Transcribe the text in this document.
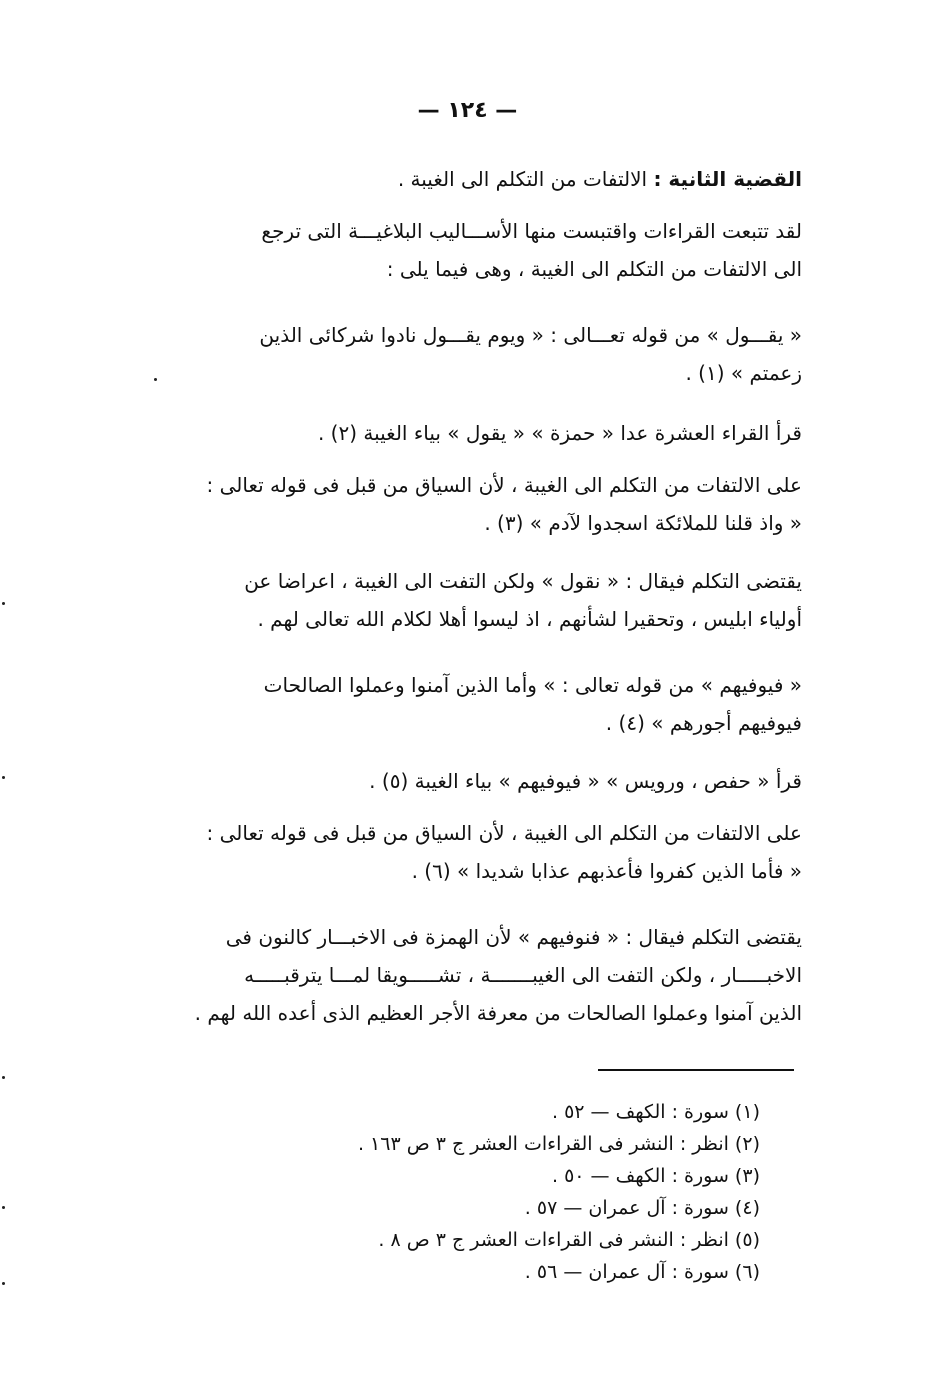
— ١٢٤ —

القضية الثانية : الالتفات من التكلم الى الغيبة .

لقد تتبعت القراءات واقتبست منها الأســـاليب البلاغيـــة التى ترجع

الى الالتفات من التكلم الى الغيبة ، وهى فيما يلى :

« يقـــول » من قوله تعـــالى : « ويوم يقـــول نادوا شركائى الذين

زعمتم » (١) .

قرأ القراء العشرة عدا « حمزة » « يقول » بياء الغيبة (٢) .

على الالتفات من التكلم الى الغيبة ، لأن السياق من قبل فى قوله تعالى :

« واذ قلنا للملائكة اسجدوا لآدم » (٣) .

يقتضى التكلم فيقال : « نقول » ولكن التفت الى الغيبة ، اعراضا عن

أولياء ابليس ، وتحقيرا لشأنهم ، اذ ليسوا أهلا لكلام الله تعالى لهم .

« فيوفيهم » من قوله تعالى : » وأما الذين آمنوا وعملوا الصالحات

فيوفيهم أجورهم » (٤) .

قرأ « حفص ، ورويس » « فيوفيهم » بياء الغيبة (٥) .

على الالتفات من التكلم الى الغيبة ، لأن السياق من قبل فى قوله تعالى :

« فأما الذين كفروا فأعذبهم عذابا شديدا » (٦) .

يقتضى التكلم فيقال : « فنوفيهم » لأن الهمزة فى الاخبـــار كالنون فى

الاخبـــــار ، ولكن التفت الى الغيبـــــــة ، تشـــــويقا لمـــا يترقبـــــه

الذين آمنوا وعملوا الصالحات من معرفة الأجر العظيم الذى أعده الله لهم .

(١) سورة : الكهف — ٥٢ .

(٢) انظر : النشر فى القراءات العشر ج ٣ ص ١٦٣ .

(٣) سورة : الكهف — ٥٠ .

(٤) سورة : آل عمران — ٥٧ .

(٥) انظر : النشر فى القراءات العشر ج ٣ ص ٨ .

(٦) سورة : آل عمران — ٥٦ .
